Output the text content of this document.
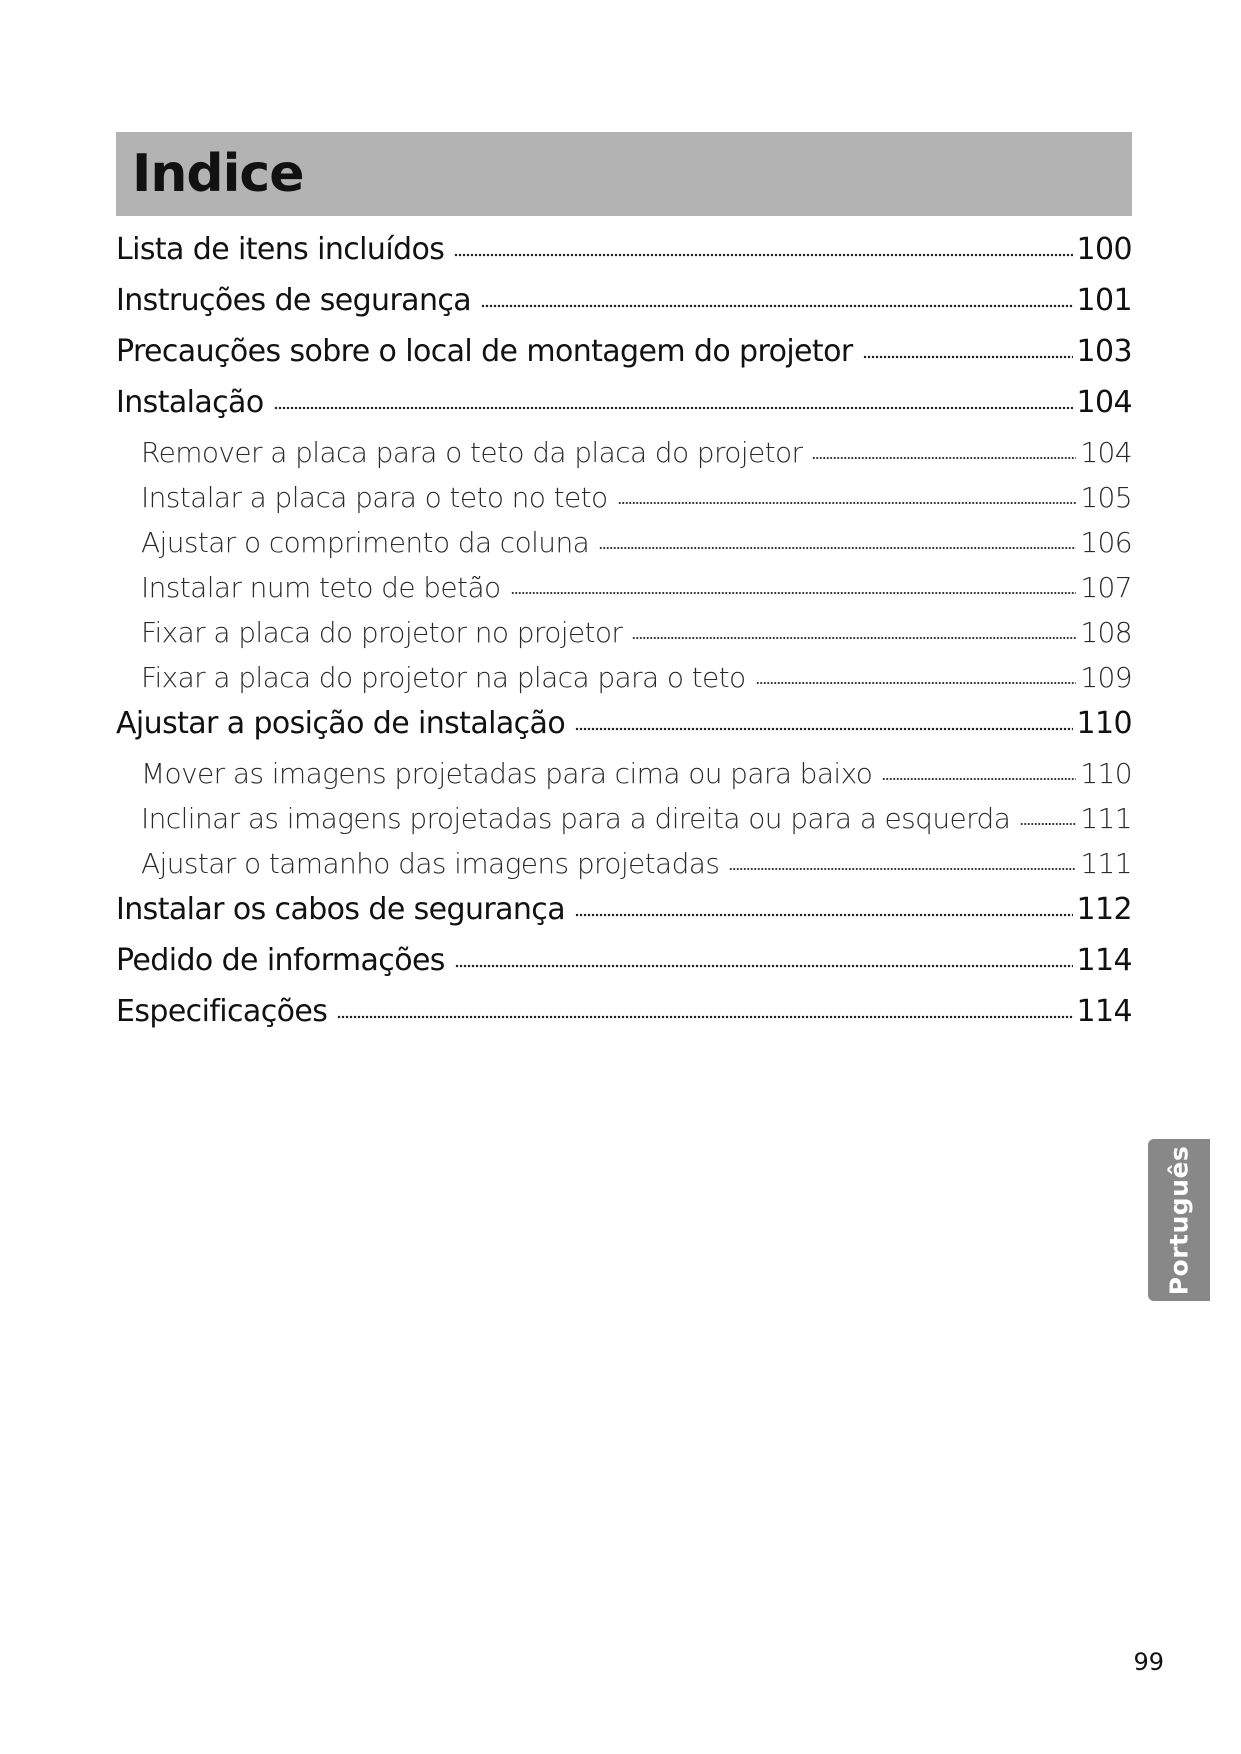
Indice
Lista de itens incluídos	100
Instruções de segurança	101
Precauções sobre o local de montagem do projetor	103
Instalação	104
Remover a placa para o teto da placa do projetor	104
Instalar a placa para o teto no teto	105
Ajustar o comprimento da coluna	106
Instalar num teto de betão	107
Fixar a placa do projetor no projetor	108
Fixar a placa do projetor na placa para o teto	109
Ajustar a posição de instalação	110
Mover as imagens projetadas para cima ou para baixo	110
Inclinar as imagens projetadas para a direita ou para a esquerda	111
Ajustar o tamanho das imagens projetadas	111
Instalar os cabos de segurança	112
Pedido de informações	114
Especificações	114
Português
99
